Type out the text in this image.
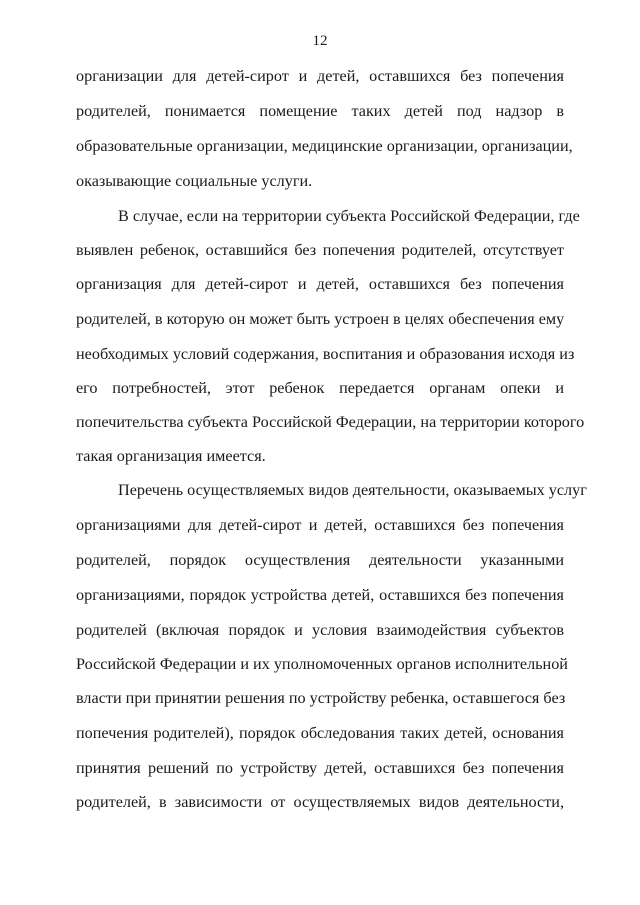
12
организации для детей-сирот и детей, оставшихся без попечения
родителей, понимается помещение таких детей под надзор в
образовательные организации, медицинские организации, организации,
оказывающие социальные услуги.
В случае, если на территории субъекта Российской Федерации, где
выявлен ребенок, оставшийся без попечения родителей, отсутствует
организация для детей-сирот и детей, оставшихся без попечения
родителей, в которую он может быть устроен в целях обеспечения ему
необходимых условий содержания, воспитания и образования исходя из
его потребностей, этот ребенок передается органам опеки и
попечительства субъекта Российской Федерации, на территории которого
такая организация имеется.
Перечень осуществляемых видов деятельности, оказываемых услуг
организациями для детей-сирот и детей, оставшихся без попечения
родителей, порядок осуществления деятельности указанными
организациями, порядок устройства детей, оставшихся без попечения
родителей (включая порядок и условия взаимодействия субъектов
Российской Федерации и их уполномоченных органов исполнительной
власти при принятии решения по устройству ребенка, оставшегося без
попечения родителей), порядок обследования таких детей, основания
принятия решений по устройству детей, оставшихся без попечения
родителей, в зависимости от осуществляемых видов деятельности,
